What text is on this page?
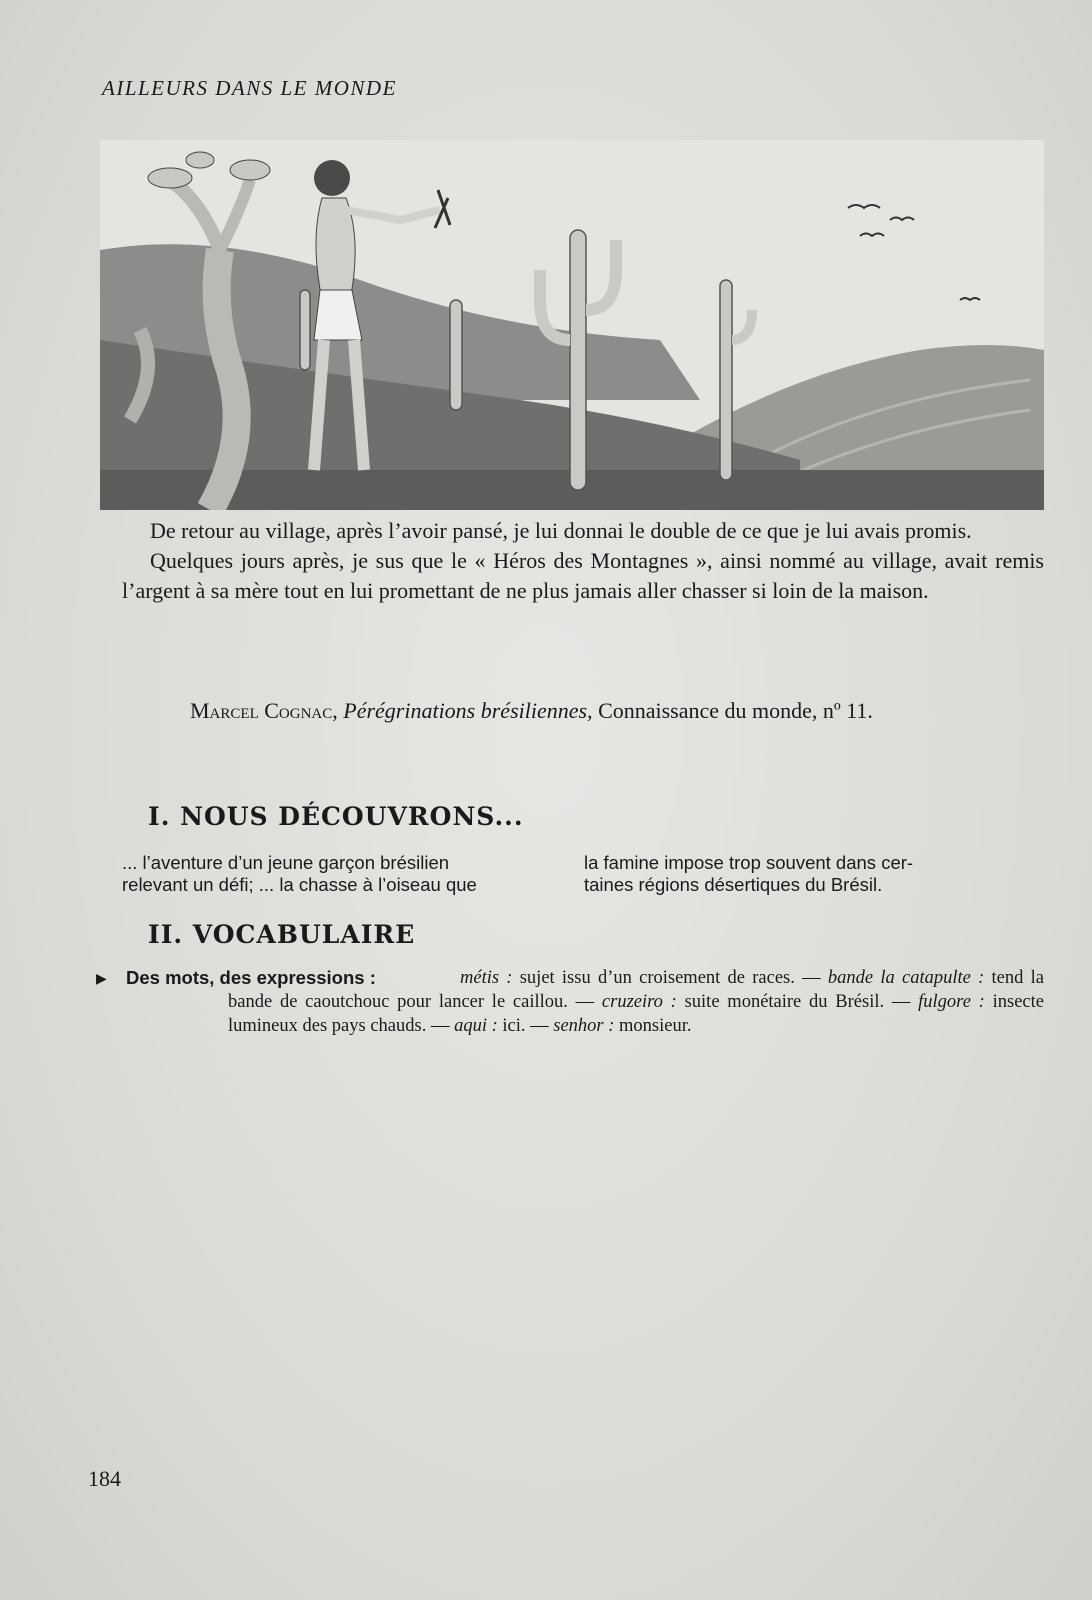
AILLEURS DANS LE MONDE

De retour au village, après l’avoir pansé, je lui donnai le double de ce que je lui avais promis.

Quelques jours après, je sus que le « Héros des Montagnes », ainsi nommé au village, avait remis l’argent à sa mère tout en lui promettant de ne plus jamais aller chasser si loin de la maison.

Marcel Cognac, Pérégrinations brésiliennes, Connaissance du monde, nº 11.
I. NOUS DÉCOUVRONS...
... l’aventure d’un jeune garçon brésilien
relevant un défi; ... la chasse à l’oiseau que
la famine impose trop souvent dans cer-
taines régions désertiques du Brésil.
II. VOCABULAIRE
▶ Des mots, des expressions :	métis : sujet issu d’un croisement de races. — bande la catapulte : tend la bande de caoutchouc pour lancer le caillou. — cruzeiro : suite monétaire du Brésil. — fulgore : insecte lumineux des pays chauds. — aqui : ici. — senhor : monsieur.
184
